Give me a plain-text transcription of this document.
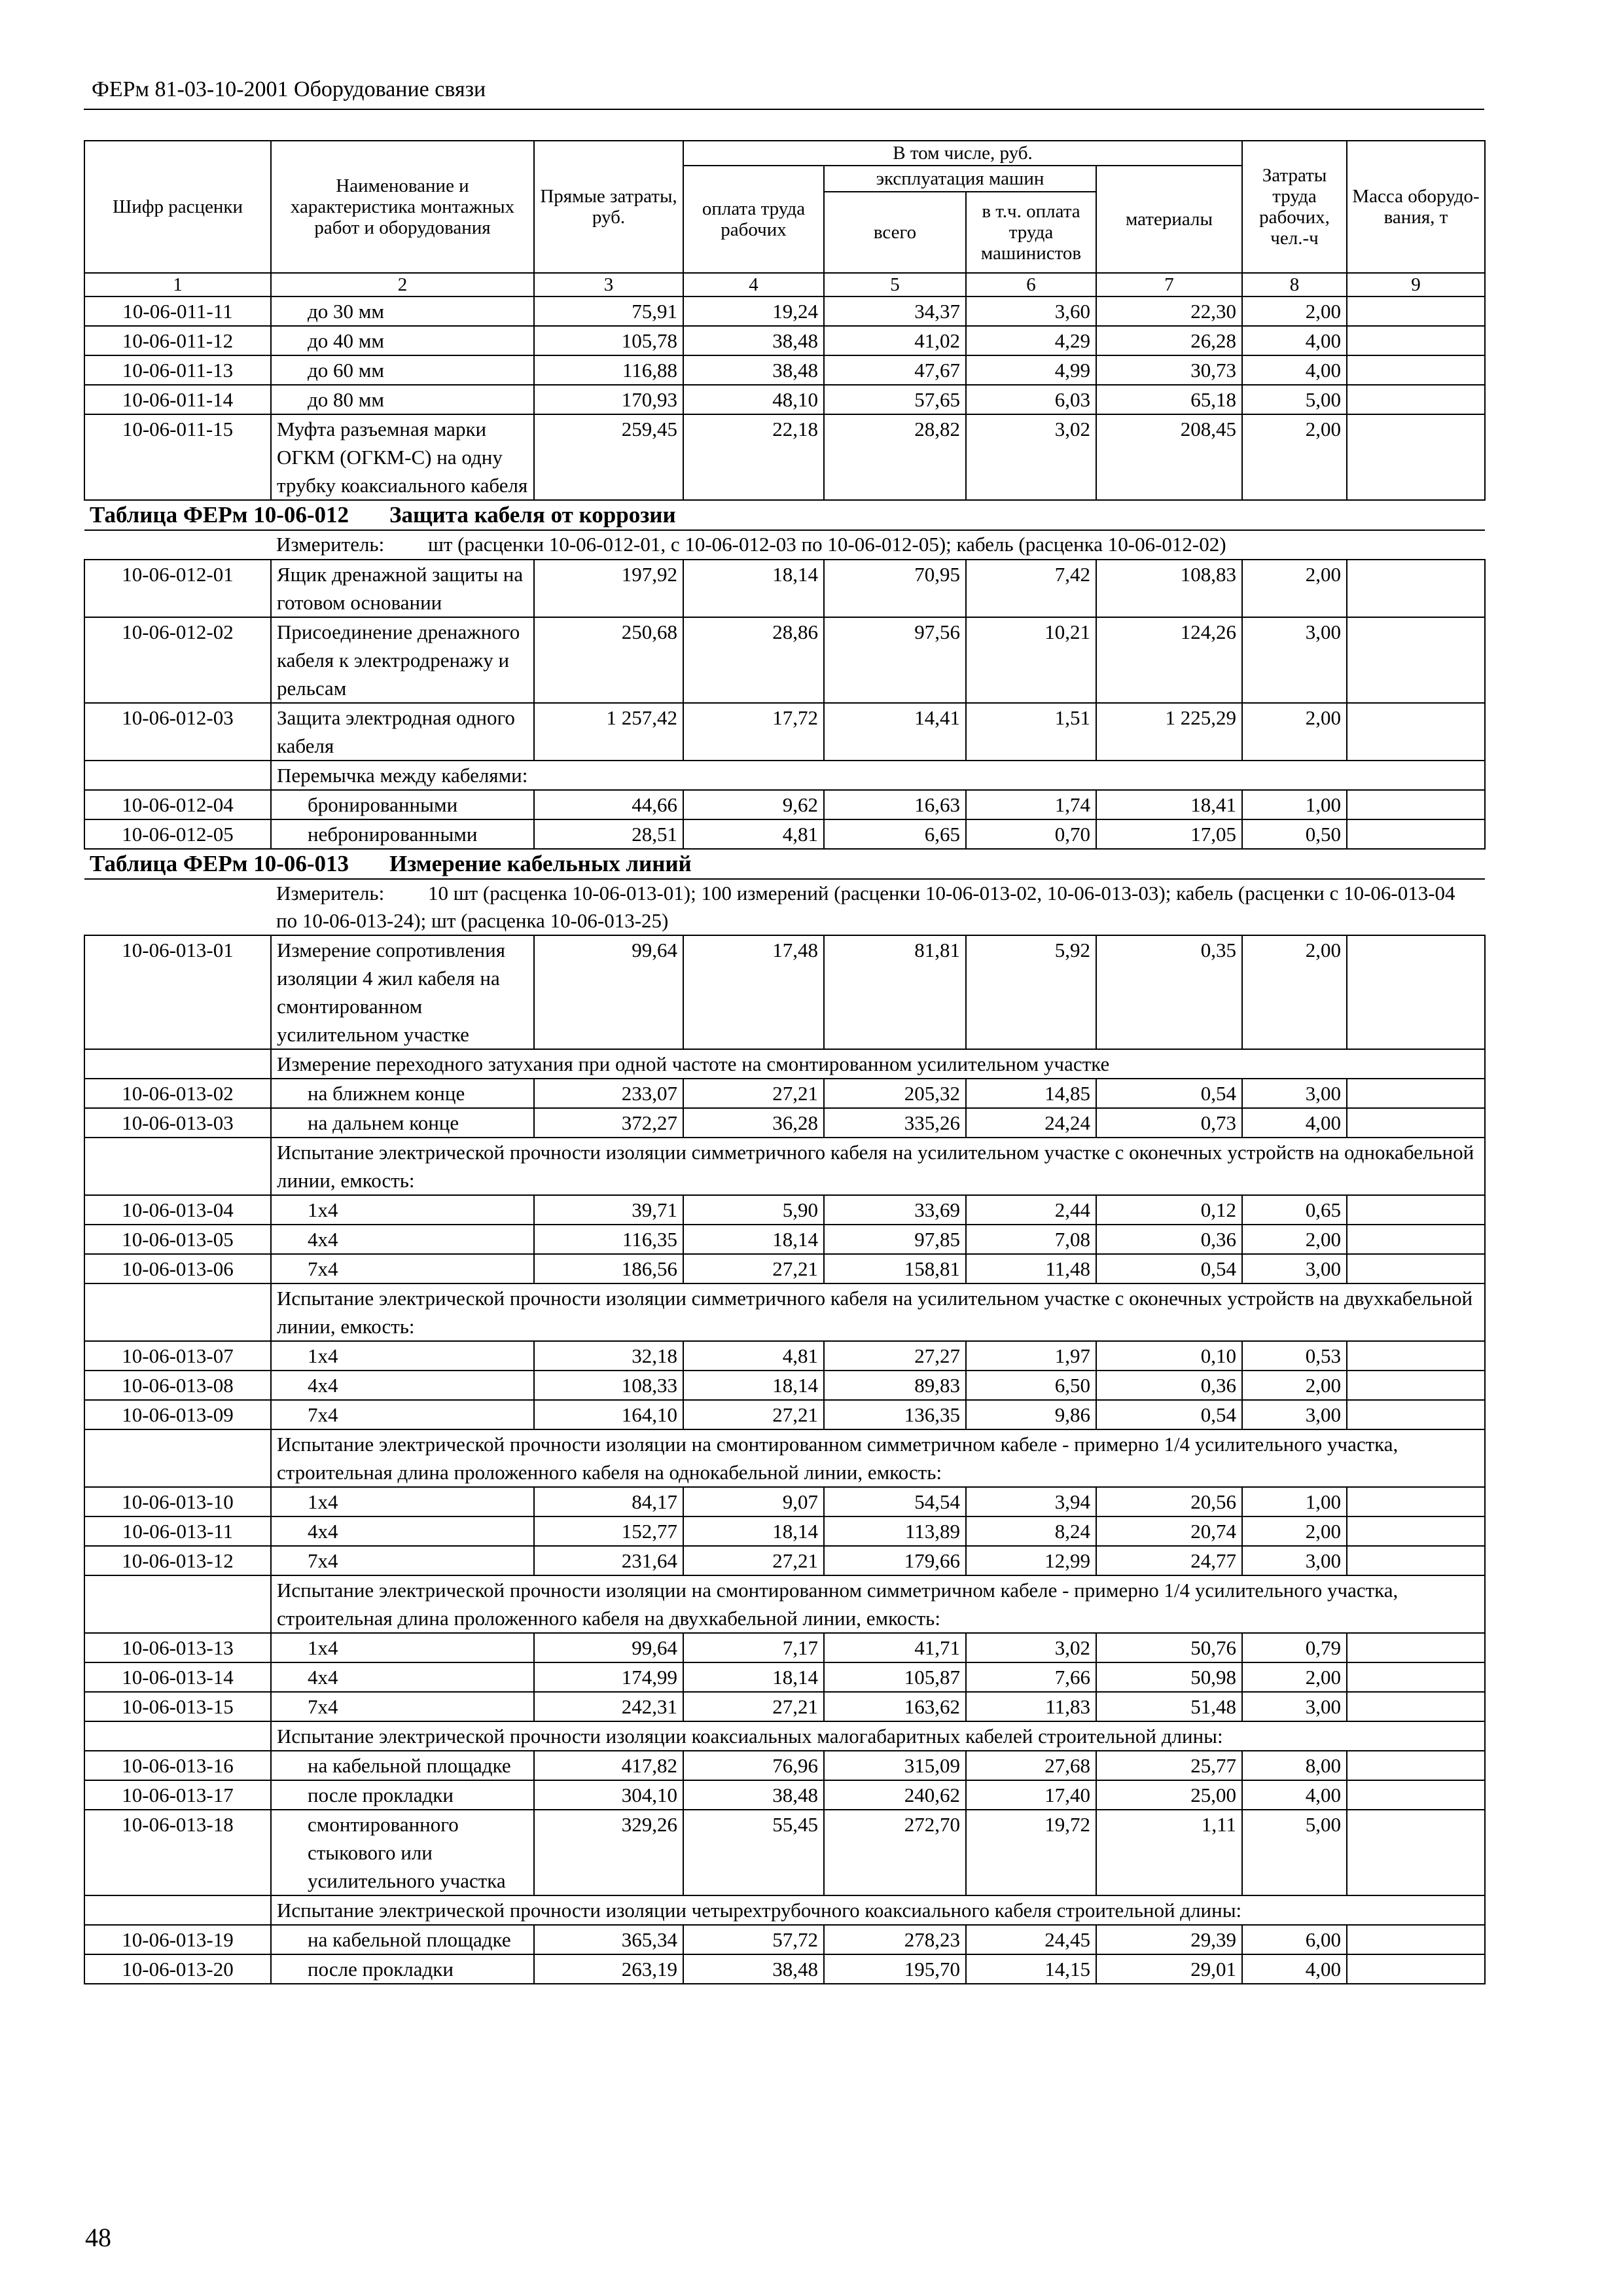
ФЕРм 81-03-10-2001 Оборудование связи
Шифр расценки	Наименование и характеристика монтажных работ и оборудования	Прямые затраты, руб.	В том числе, руб.				Затраты труда рабочих, чел.-ч	Масса оборудо-вания, т
			оплата труда рабочих	эксплуатация машин		материалы		
				всего	в т.ч. оплата труда машинистов			
1	2	3	4	5	6	7	8	9
10-06-011-11	до 30 мм	75,91	19,24	34,37	3,60	22,30	2,00	
10-06-011-12	до 40 мм	105,78	38,48	41,02	4,29	26,28	4,00	
10-06-011-13	до 60 мм	116,88	38,48	47,67	4,99	30,73	4,00	
10-06-011-14	до 80 мм	170,93	48,10	57,65	6,03	65,18	5,00	
10-06-011-15	Муфта разъемная марки ОГКМ (ОГКМ-С) на одну трубку коаксиального кабеля	259,45	22,18	28,82	3,02	208,45	2,00	
Таблица ФЕРм 10-06-012 Защита кабеля от коррозии								
	Измеритель: шт (расценки 10-06-012-01, с 10-06-012-03 по 10-06-012-05); кабель (расценка 10-06-012-02)							
10-06-012-01	Ящик дренажной защиты на готовом основании	197,92	18,14	70,95	7,42	108,83	2,00	
10-06-012-02	Присоединение дренажного кабеля к электродренажу и рельсам	250,68	28,86	97,56	10,21	124,26	3,00	
10-06-012-03	Защита электродная одного кабеля	1 257,42	17,72	14,41	1,51	1 225,29	2,00	
	Перемычка между кабелями:							
10-06-012-04	бронированными	44,66	9,62	16,63	1,74	18,41	1,00	
10-06-012-05	небронированными	28,51	4,81	6,65	0,70	17,05	0,50	
Таблица ФЕРм 10-06-013 Измерение кабельных линий								
	Измеритель: 10 шт (расценка 10-06-013-01); 100 измерений (расценки 10-06-013-02, 10-06-013-03); кабель (расценки с 10-06-013-04 по 10-06-013-24); шт (расценка 10-06-013-25)							
10-06-013-01	Измерение сопротивления изоляции 4 жил кабеля на смонтированном усилительном участке	99,64	17,48	81,81	5,92	0,35	2,00	
	Измерение переходного затухания при одной частоте на смонтированном усилительном участке							
10-06-013-02	на ближнем конце	233,07	27,21	205,32	14,85	0,54	3,00	
10-06-013-03	на дальнем конце	372,27	36,28	335,26	24,24	0,73	4,00	
	Испытание электрической прочности изоляции симметричного кабеля на усилительном участке с оконечных устройств на однокабельной линии, емкость:							
10-06-013-04	1х4	39,71	5,90	33,69	2,44	0,12	0,65	
10-06-013-05	4х4	116,35	18,14	97,85	7,08	0,36	2,00	
10-06-013-06	7х4	186,56	27,21	158,81	11,48	0,54	3,00	
	Испытание электрической прочности изоляции симметричного кабеля на усилительном участке с оконечных устройств на двухкабельной линии, емкость:							
10-06-013-07	1х4	32,18	4,81	27,27	1,97	0,10	0,53	
10-06-013-08	4х4	108,33	18,14	89,83	6,50	0,36	2,00	
10-06-013-09	7х4	164,10	27,21	136,35	9,86	0,54	3,00	
	Испытание электрической прочности изоляции на смонтированном симметричном кабеле - примерно 1/4 усилительного участка, строительная длина проложенного кабеля на однокабельной линии, емкость:							
10-06-013-10	1х4	84,17	9,07	54,54	3,94	20,56	1,00	
10-06-013-11	4х4	152,77	18,14	113,89	8,24	20,74	2,00	
10-06-013-12	7х4	231,64	27,21	179,66	12,99	24,77	3,00	
	Испытание электрической прочности изоляции на смонтированном симметричном кабеле - примерно 1/4 усилительного участка, строительная длина проложенного кабеля на двухкабельной линии, емкость:							
10-06-013-13	1х4	99,64	7,17	41,71	3,02	50,76	0,79	
10-06-013-14	4х4	174,99	18,14	105,87	7,66	50,98	2,00	
10-06-013-15	7х4	242,31	27,21	163,62	11,83	51,48	3,00	
	Испытание электрической прочности изоляции коаксиальных малогабаритных кабелей строительной длины:							
10-06-013-16	на кабельной площадке	417,82	76,96	315,09	27,68	25,77	8,00	
10-06-013-17	после прокладки	304,10	38,48	240,62	17,40	25,00	4,00	
10-06-013-18	смонтированного стыкового или усилительного участка	329,26	55,45	272,70	19,72	1,11	5,00	
	Испытание электрической прочности изоляции четырехтрубочного коаксиального кабеля строительной длины:							
10-06-013-19	на кабельной площадке	365,34	57,72	278,23	24,45	29,39	6,00	
10-06-013-20	после прокладки	263,19	38,48	195,70	14,15	29,01	4,00	
48
